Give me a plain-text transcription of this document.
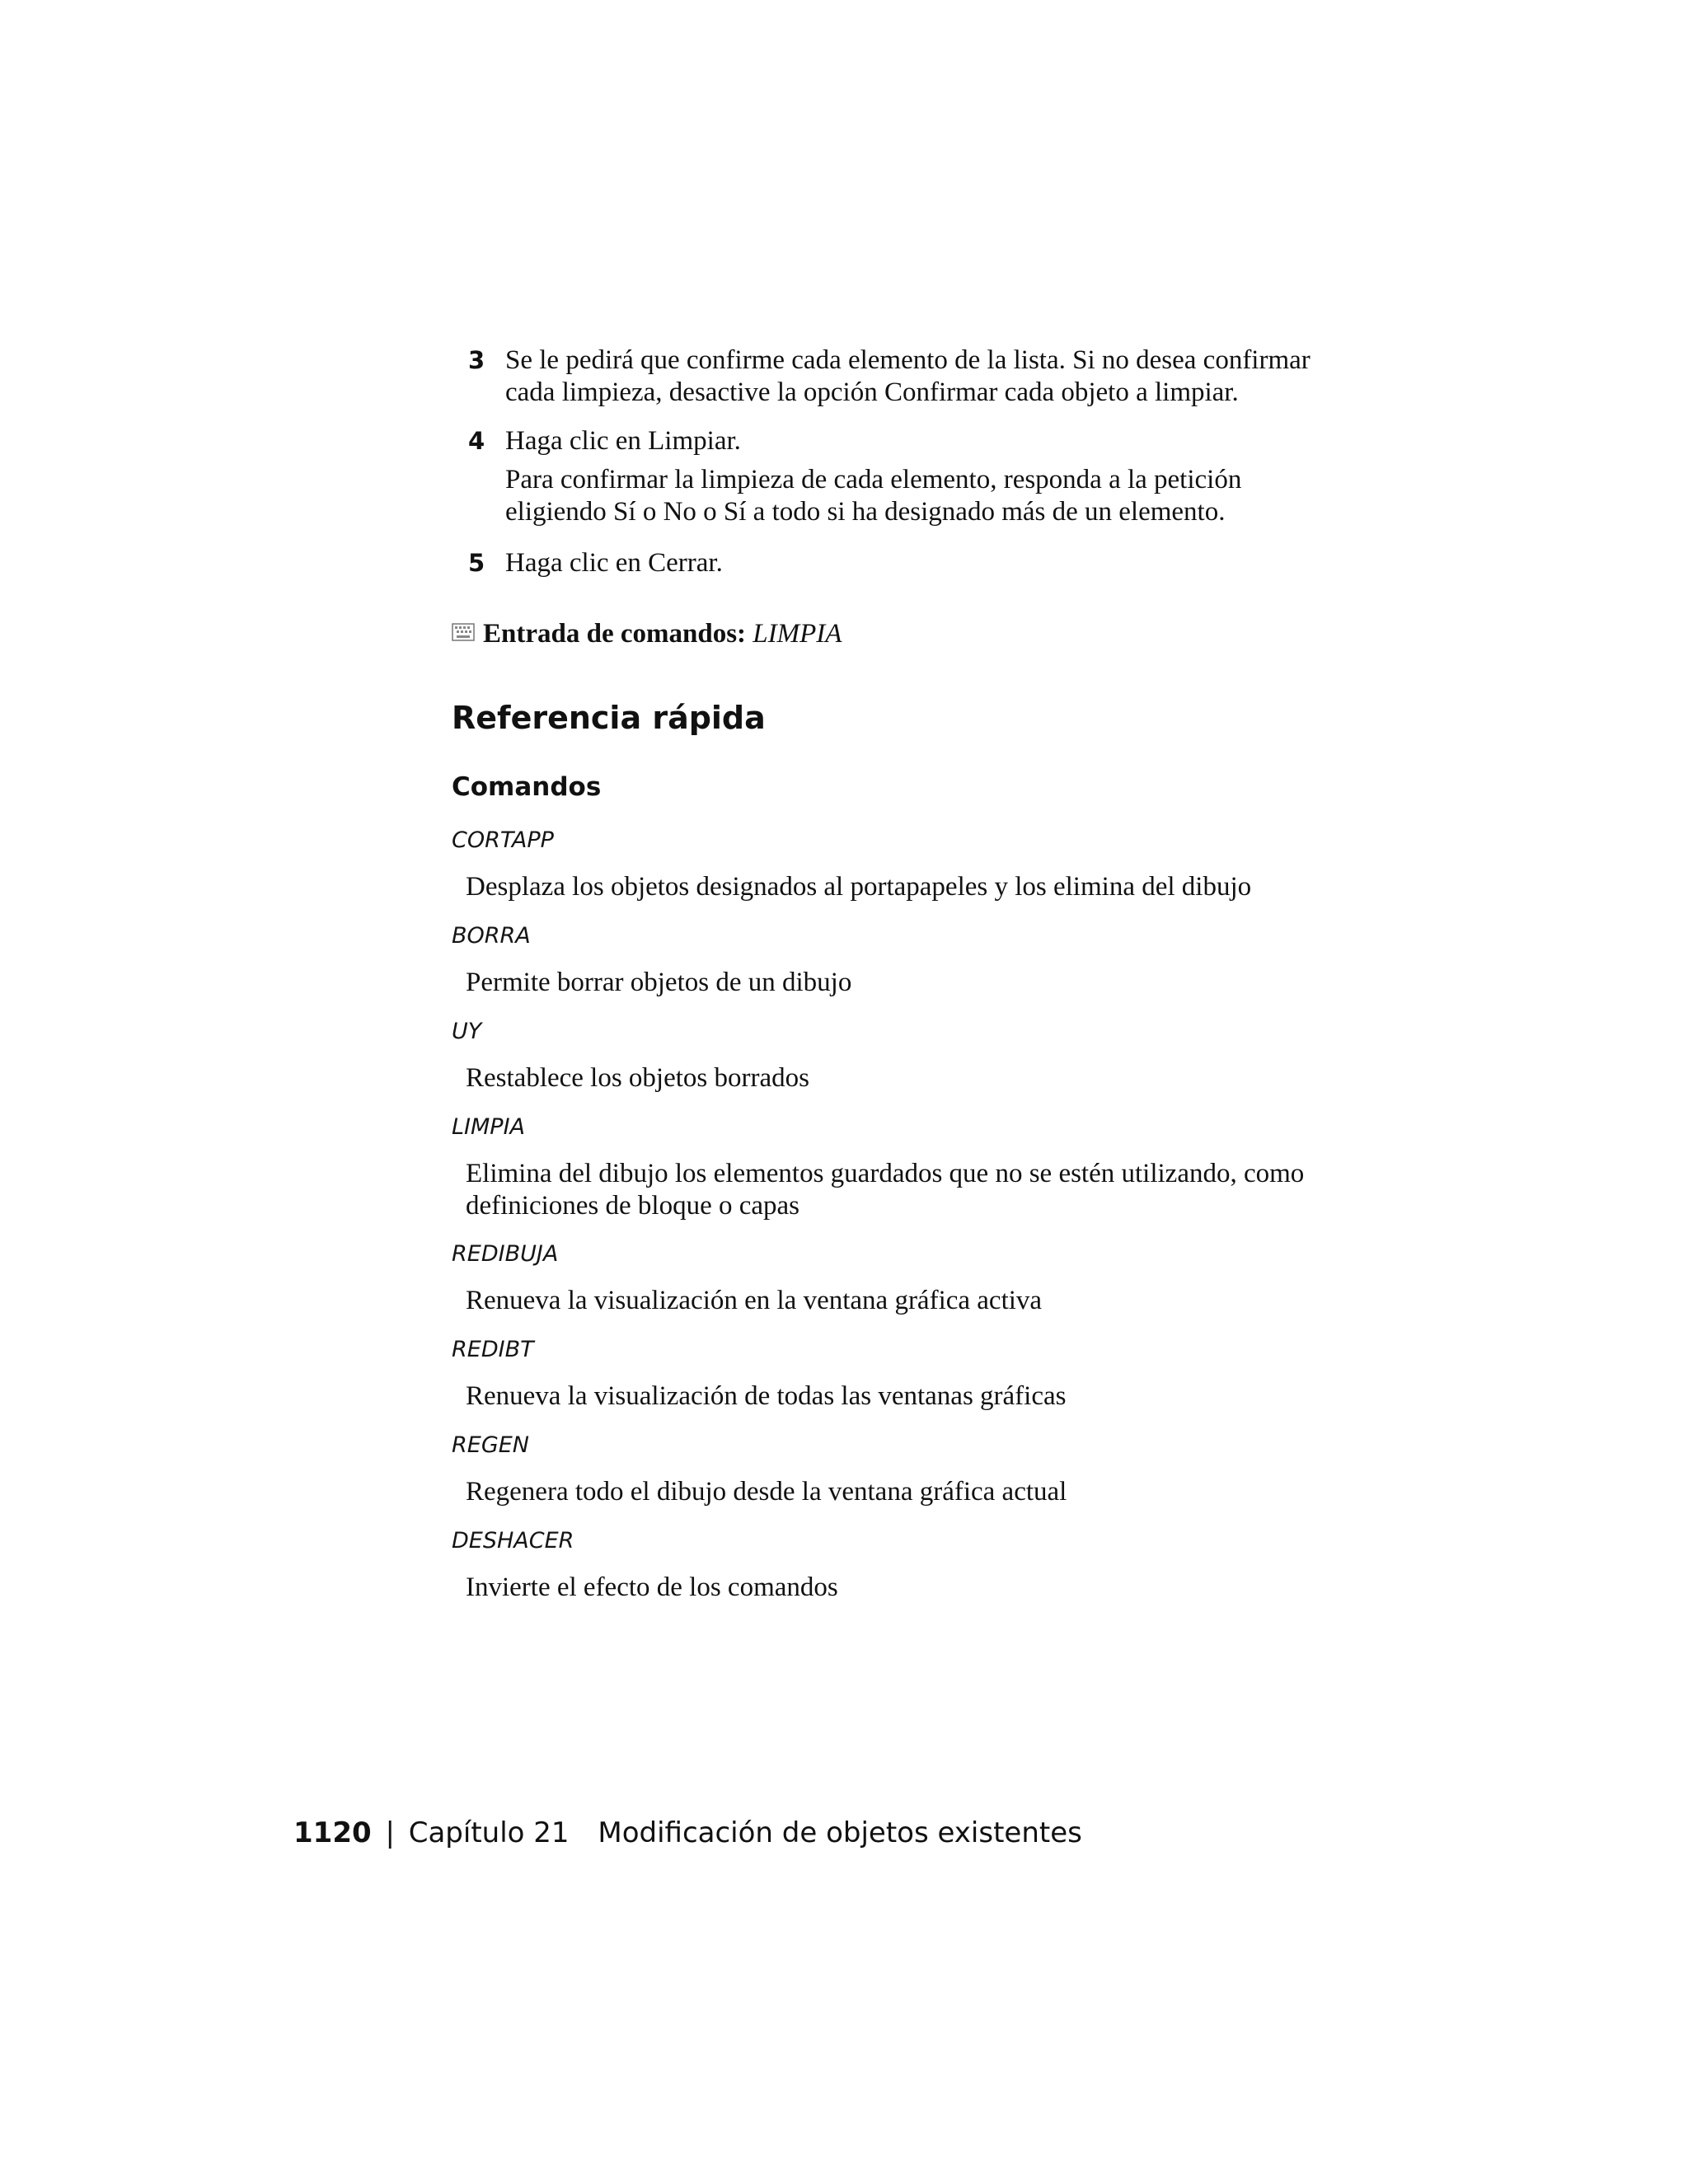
3 Se le pedirá que confirme cada elemento de la lista. Si no desea confirmar cada limpieza, desactive la opción Confirmar cada objeto a limpiar.
4 Haga clic en Limpiar.
Para confirmar la limpieza de cada elemento, responda a la petición eligiendo Sí o No o Sí a todo si ha designado más de un elemento.
5 Haga clic en Cerrar.
Entrada de comandos: LIMPIA
Referencia rápida
Comandos
CORTAPP
Desplaza los objetos designados al portapapeles y los elimina del dibujo
BORRA
Permite borrar objetos de un dibujo
UY
Restablece los objetos borrados
LIMPIA
Elimina del dibujo los elementos guardados que no se estén utilizando, como definiciones de bloque o capas
REDIBUJA
Renueva la visualización en la ventana gráfica activa
REDIBT
Renueva la visualización de todas las ventanas gráficas
REGEN
Regenera todo el dibujo desde la ventana gráfica actual
DESHACER
Invierte el efecto de los comandos
1120 | Capítulo 21 Modificación de objetos existentes
